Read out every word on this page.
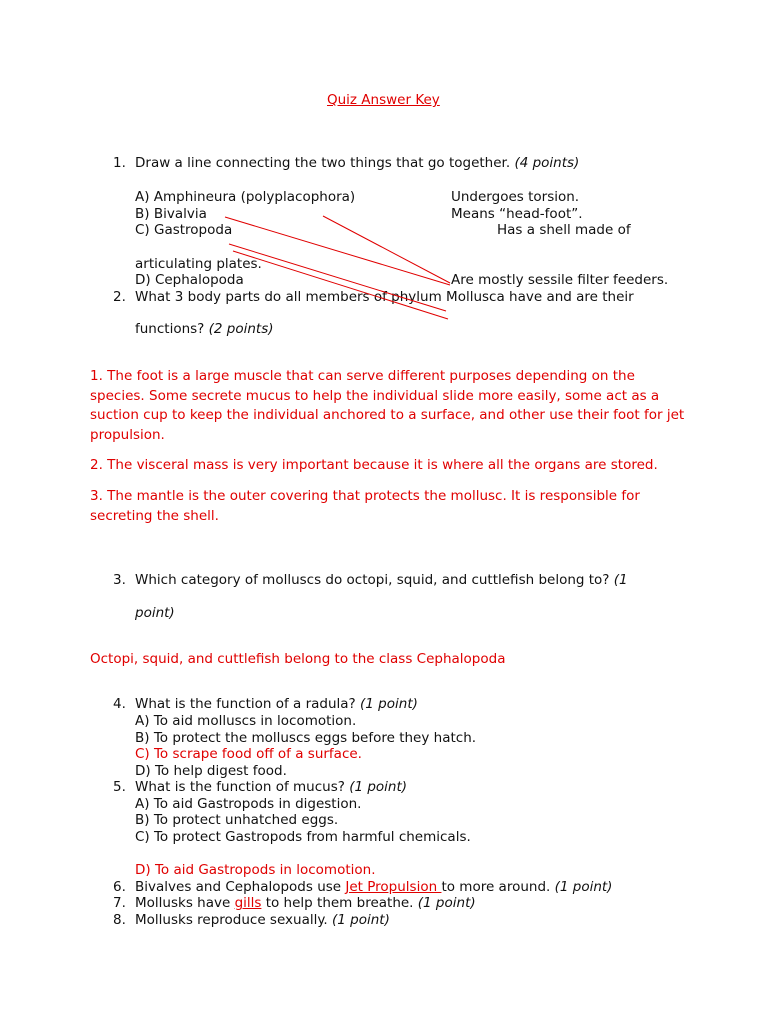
Quiz Answer Key
1. Draw a line connecting the two things that go together. (4 points)
A) Amphineura (polyplacophora)
B) Bivalvia
C) Gastropoda
D) Cephalopoda
Undergoes torsion.
Means “head-foot”.
Has a shell made of
articulating plates.
Are mostly sessile filter feeders.
2. What 3 body parts do all members of phylum Mollusca have and are their
functions? (2 points)
1. The foot is a large muscle that can serve different purposes depending on the species. Some secrete mucus to help the individual slide more easily, some act as a suction cup to keep the individual anchored to a surface, and other use their foot for jet propulsion.
2. The visceral mass is very important because it is where all the organs are stored.
3. The mantle is the outer covering that protects the mollusc. It is responsible for secreting the shell.
3. Which category of molluscs do octopi, squid, and cuttlefish belong to? (1
point)
Octopi, squid, and cuttlefish belong to the class Cephalopoda
4. What is the function of a radula? (1 point)
A) To aid molluscs in locomotion.
B) To protect the molluscs eggs before they hatch.
C) To scrape food off of a surface.
D) To help digest food.
5. What is the function of mucus? (1 point)
A) To aid Gastropods in digestion.
B) To protect unhatched eggs.
C) To protect Gastropods from harmful chemicals.
D) To aid Gastropods in locomotion.
6. Bivalves and Cephalopods use Jet Propulsion to more around. (1 point)
7. Mollusks have gills to help them breathe. (1 point)
8. Mollusks reproduce sexually. (1 point)
